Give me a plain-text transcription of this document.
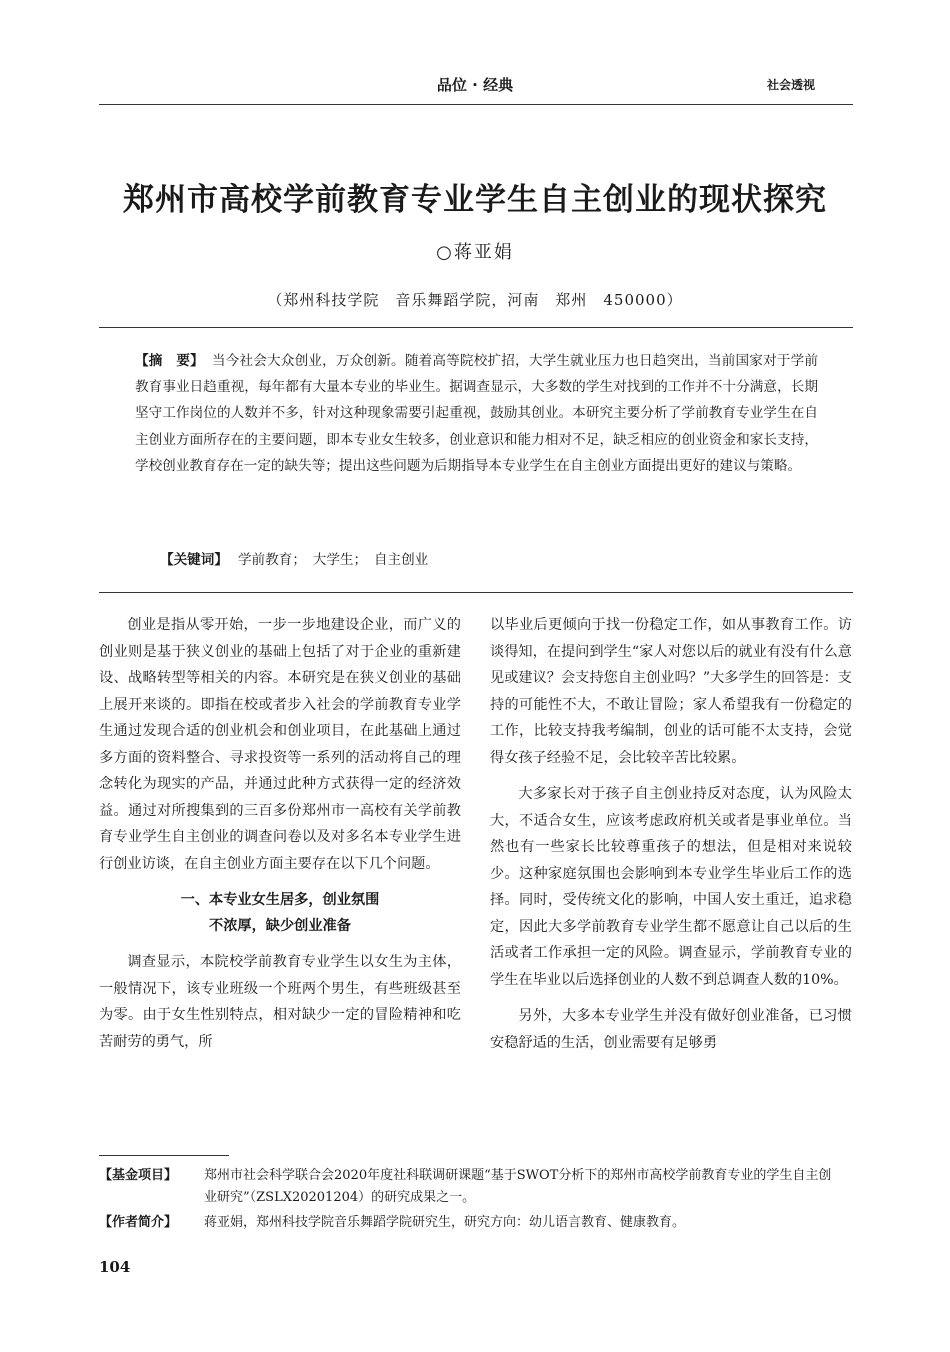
品位 · 经典	社会透视
郑州市高校学前教育专业学生自主创业的现状探究
○蒋亚娟
（郑州科技学院　音乐舞蹈学院，河南　郑州　450000）
【摘　要】 当今社会大众创业，万众创新。随着高等院校扩招，大学生就业压力也日趋突出，当前国家对于学前教育事业日趋重视，每年都有大量本专业的毕业生。据调查显示，大多数的学生对找到的工作并不十分满意，长期坚守工作岗位的人数并不多，针对这种现象需要引起重视，鼓励其创业。本研究主要分析了学前教育专业学生在自主创业方面所存在的主要问题，即本专业女生较多，创业意识和能力相对不足，缺乏相应的创业资金和家长支持，学校创业教育存在一定的缺失等；提出这些问题为后期指导本专业学生在自主创业方面提出更好的建议与策略。
【关键词】 学前教育；　大学生；　自主创业

创业是指从零开始，一步一步地建设企业，而广义的创业则是基于狭义创业的基础上包括了对于企业的重新建设、战略转型等相关的内容。本研究是在狭义创业的基础上展开来谈的。即指在校或者步入社会的学前教育专业学生通过发现合适的创业机会和创业项目，在此基础上通过多方面的资料整合、寻求投资等一系列的活动将自己的理念转化为现实的产品，并通过此种方式获得一定的经济效益。通过对所搜集到的三百多份郑州市一高校有关学前教育专业学生自主创业的调查问卷以及对多名本专业学生进行创业访谈，在自主创业方面主要存在以下几个问题。

一、本专业女生居多，创业氛围
不浓厚，缺少创业准备

调查显示，本院校学前教育专业学生以女生为主体，一般情况下，该专业班级一个班两个男生，有些班级甚至为零。由于女生性别特点，相对缺少一定的冒险精神和吃苦耐劳的勇气，所

以毕业后更倾向于找一份稳定工作，如从事教育工作。访谈得知，在提问到学生“家人对您以后的就业有没有什么意见或建议？会支持您自主创业吗？”大多学生的回答是：支持的可能性不大，不敢让冒险；家人希望我有一份稳定的工作，比较支持我考编制，创业的话可能不太支持，会觉得女孩子经验不足，会比较辛苦比较累。

大多家长对于孩子自主创业持反对态度，认为风险太大，不适合女生，应该考虑政府机关或者是事业单位。当然也有一些家长比较尊重孩子的想法，但是相对来说较少。这种家庭氛围也会影响到本专业学生毕业后工作的选择。同时，受传统文化的影响，中国人安土重迁，追求稳定，因此大多学前教育专业学生都不愿意让自己以后的生活或者工作承担一定的风险。调查显示，学前教育专业的学生在毕业以后选择创业的人数不到总调查人数的10%。

另外，大多本专业学生并没有做好创业准备，已习惯安稳舒适的生活，创业需要有足够勇

【基金项目】	郑州市社会科学联合会2020年度社科联调研课题“基于SWOT分析下的郑州市高校学前教育专业的学生自主创业研究”（ZSLX20201204）的研究成果之一。
【作者简介】	蒋亚娟，郑州科技学院音乐舞蹈学院研究生，研究方向：幼儿语言教育、健康教育。
104
